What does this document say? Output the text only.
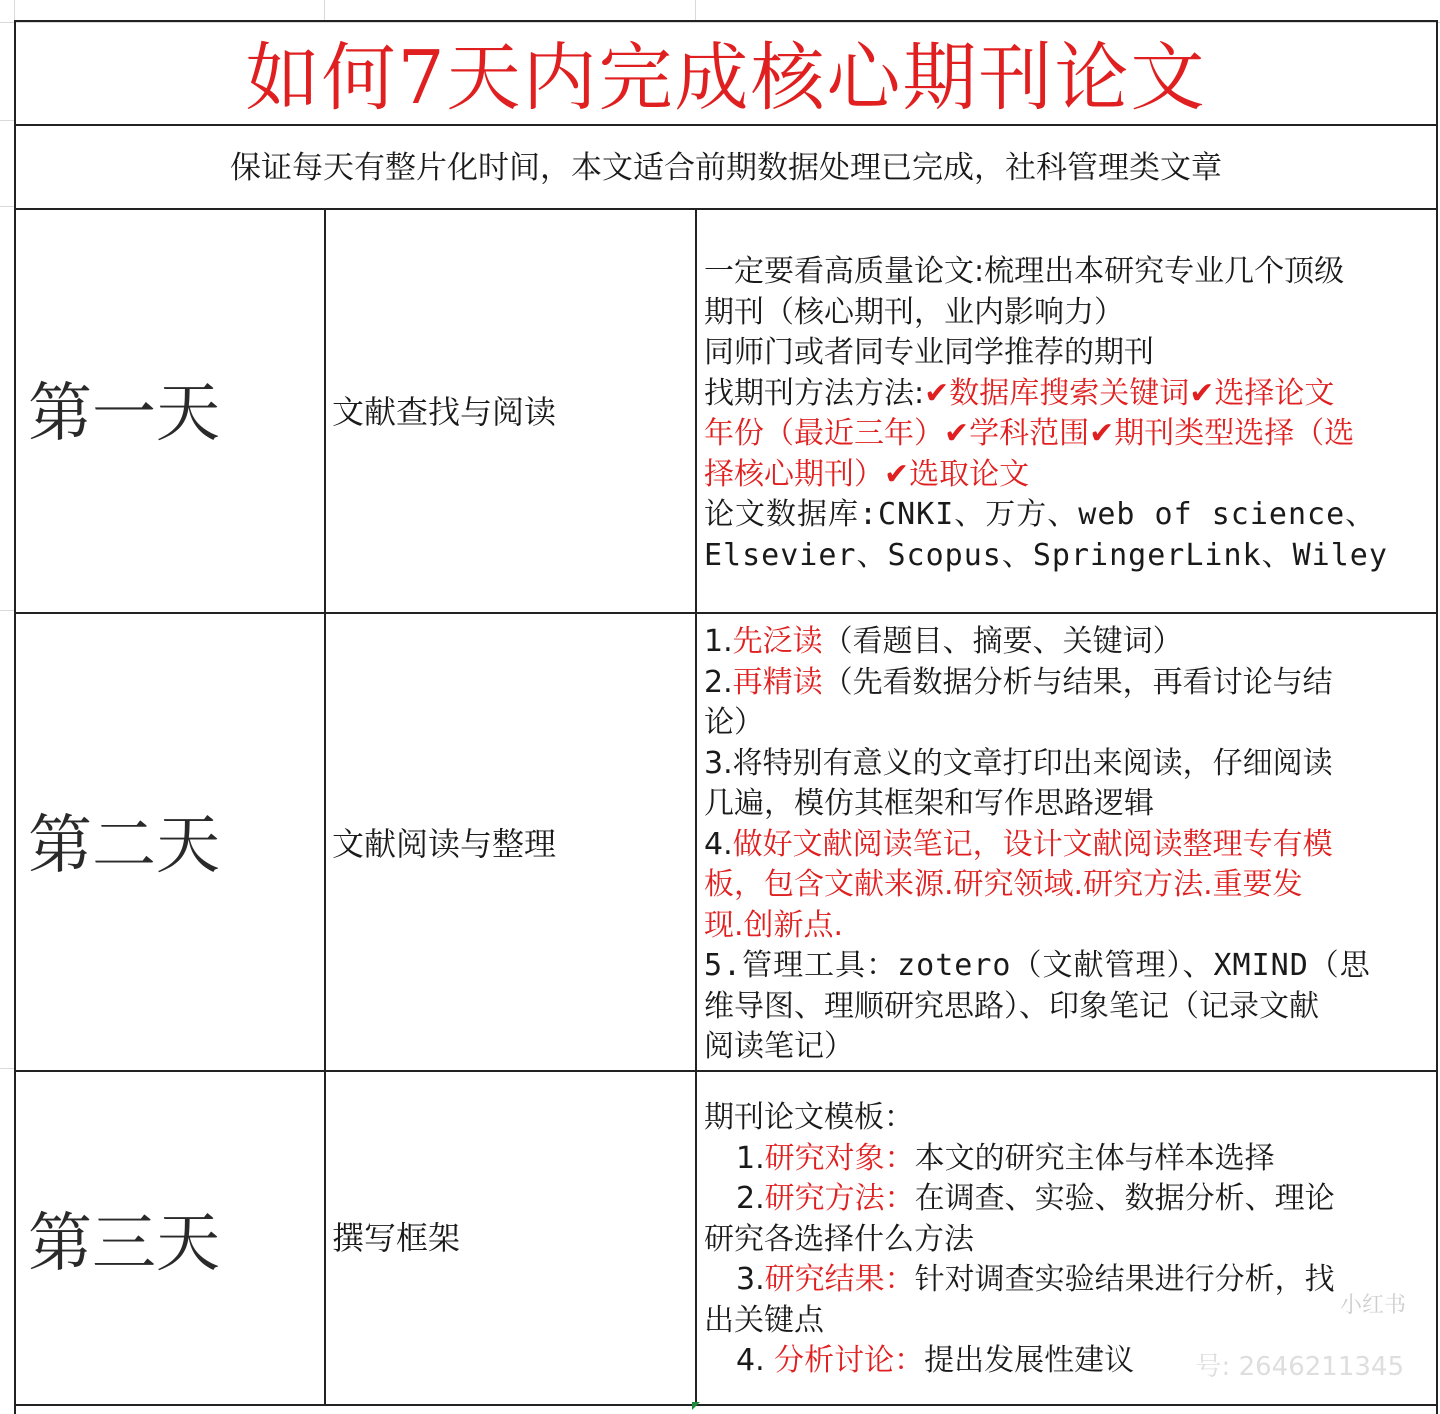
如何7天内完成核心期刊论文
保证每天有整片化时间，本文适合前期数据处理已完成，社科管理类文章
第一天	文献查找与阅读
一定要看高质量论文:梳理出本研究专业几个顶级
期刊（核心期刊，业内影响力）
同师门或者同专业同学推荐的期刊
找期刊方法方法:✔数据库搜索关键词✔选择论文
年份（最近三年）✔学科范围✔期刊类型选择（选
择核心期刊）✔选取论文
论文数据库:CNKI、万方、web of science、
Elsevier、Scopus、SpringerLink、Wiley
第二天	文献阅读与整理
1.先泛读（看题目、摘要、关键词）
2.再精读（先看数据分析与结果，再看讨论与结
论）
3.将特别有意义的文章打印出来阅读，仔细阅读
几遍，模仿其框架和写作思路逻辑
4.做好文献阅读笔记，设计文献阅读整理专有模
板，包含文献来源.研究领域.研究方法.重要发
现.创新点.
5.管理工具：zotero（文献管理）、XMIND（思
维导图、理顺研究思路）、印象笔记（记录文献
阅读笔记）
第三天	撰写框架
期刊论文模板：
1.研究对象：本文的研究主体与样本选择
2.研究方法：在调查、实验、数据分析、理论
研究各选择什么方法
3.研究结果：针对调查实验结果进行分析，找
出关键点
4. 分析讨论：提出发展性建议
小红书
号: 2646211345
